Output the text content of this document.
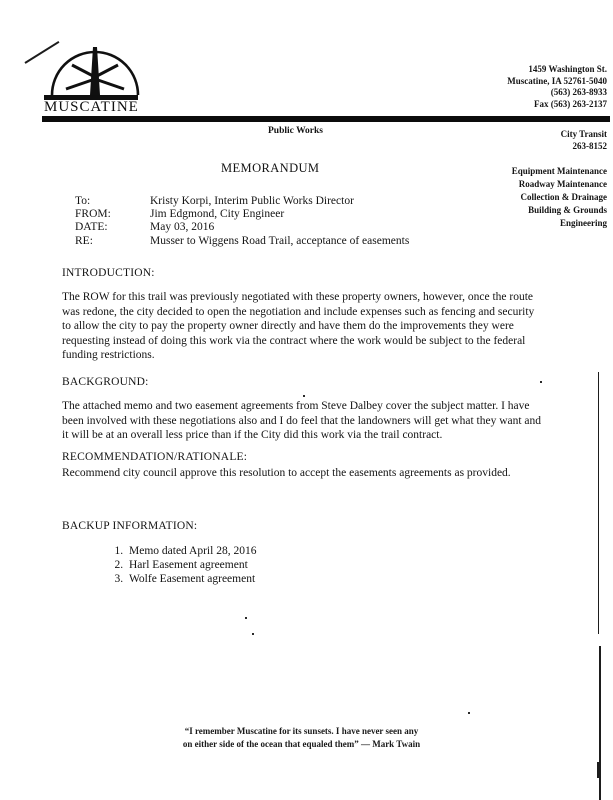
MUSCATINE
1459 Washington St.
Muscatine, IA 52761-5040
(563) 263-8933
Fax (563) 263-2137
Public Works	City Transit
263-8152
Equipment Maintenance
Roadway Maintenance
Collection & Drainage
Building & Grounds
Engineering
MEMORANDUM
To:	Kristy Korpi, Interim Public Works Director
FROM:	Jim Edgmond, City Engineer
DATE:	May 03, 2016
RE:	Musser to Wiggens Road Trail, acceptance of easements
INTRODUCTION:
The ROW for this trail was previously negotiated with these property owners, however, once the route was redone, the city decided to open the negotiation and include expenses such as fencing and security to allow the city to pay the property owner directly and have them do the improvements they were requesting instead of doing this work via the contract where the work would be subject to the federal funding restrictions.
BACKGROUND:
The attached memo and two easement agreements from Steve Dalbey cover the subject matter. I have been involved with these negotiations also and I do feel that the landowners will get what they want and it will be at an overall less price than if the City did this work via the trail contract.
RECOMMENDATION/RATIONALE:
Recommend city council approve this resolution to accept the easements agreements as provided.
BACKUP INFORMATION:
1. Memo dated April 28, 2016
2. Harl Easement agreement
3. Wolfe Easement agreement
“I remember Muscatine for its sunsets. I have never seen any
on either side of the ocean that equaled them” — Mark Twain
